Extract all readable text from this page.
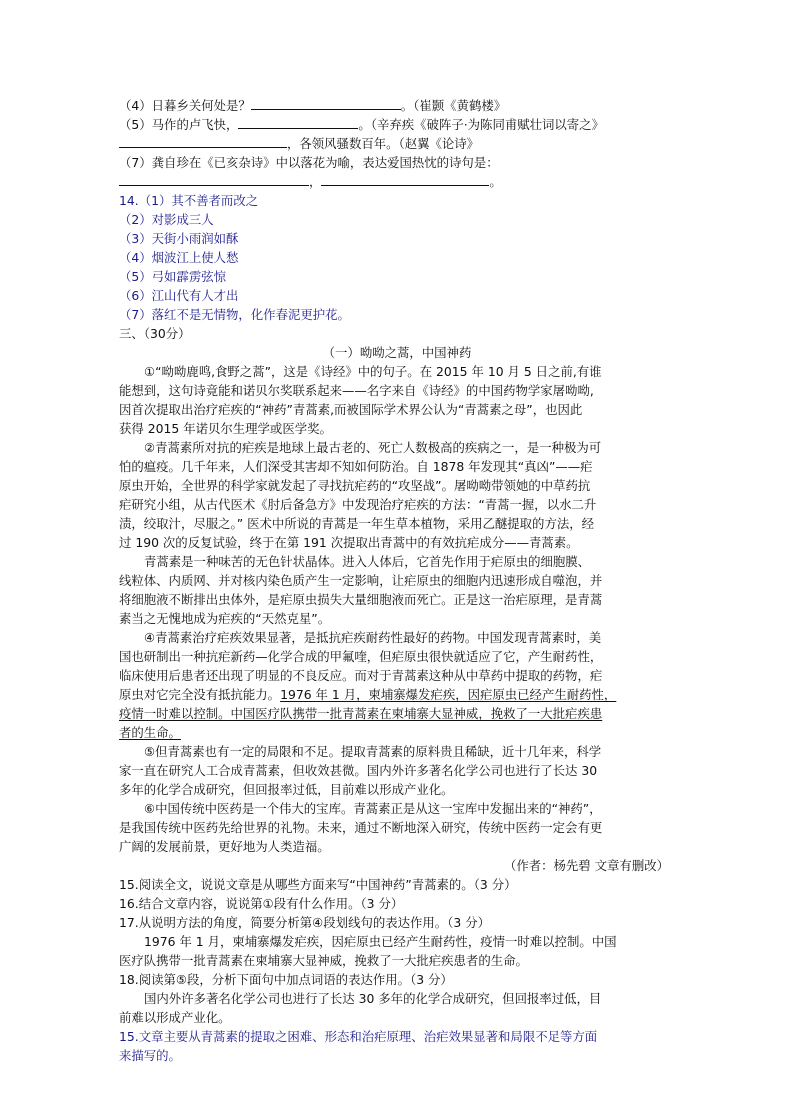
（4）日暮乡关何处是？	。（崔颢《黄鹤楼》
（5）马作的卢飞快，	。（辛弃疾《破阵子·为陈同甫赋壮词以寄之》
，各领风骚数百年。（赵翼《论诗》
（7）龚自珍在《已亥杂诗》中以落花为喻，表达爱国热忱的诗句是：
，	。
14.（1）其不善者而改之
（2）对影成三人
（3）天街小雨润如酥
（4）烟波江上使人愁
（5）弓如霹雳弦惊
（6）江山代有人才出
（7）落红不是无情物，化作春泥更护花。
三、（30分）
（一）呦呦之蒿，中国神药
①“呦呦鹿鸣,食野之蒿”，这是《诗经》中的句子。在 2015 年 10 月 5 日之前,有谁
能想到，这句诗竟能和诺贝尔奖联系起来——名字来自《诗经》的中国药物学家屠呦呦,
因首次提取出治疗疟疾的“神药”青蒿素,而被国际学术界公认为“青蒿素之母”，也因此
获得 2015 年诺贝尔生理学或医学奖。
②青蒿素所对抗的疟疾是地球上最古老的、死亡人数极高的疾病之一，是一种极为可
怕的瘟疫。几千年来，人们深受其害却不知如何防治。自 1878 年发现其“真凶”——疟
原虫开始，全世界的科学家就发起了寻找抗疟药的“攻坚战”。屠呦呦带领她的中草药抗
疟研究小组，从古代医术《肘后备急方》中发现治疗疟疾的方法：“青蒿一握，以水二升
渍，绞取汁，尽服之。” 医术中所说的青蒿是一年生草本植物，采用乙醚提取的方法，经
过 190 次的反复试验，终于在第 191 次提取出青蒿中的有效抗疟成分——青蒿素。
青蒿素是一种味苦的无色针状晶体。进入人体后，它首先作用于疟原虫的细胞膜、
线粒体、内质网、并对核内染色质产生一定影响，让疟原虫的细胞内迅速形成自噬泡，并
将细胞液不断排出虫体外，是疟原虫损失大量细胞液而死亡。正是这一治疟原理，是青蒿
素当之无愧地成为疟疾的“天然克星”。
④青蒿素治疗疟疾效果显著，是抵抗疟疾耐药性最好的药物。中国发现青蒿素时，美
国也研制出一种抗疟新药—化学合成的甲氟喹，但疟原虫很快就适应了它，产生耐药性，
临床使用后患者还出现了明显的不良反应。而对于青蒿素这种从中草药中提取的药物，疟
原虫对它完全没有抵抗能力。1976 年 1 月，柬埔寨爆发疟疾，因疟原虫已经产生耐药性，
疫情一时难以控制。中国医疗队携带一批青蒿素在柬埔寨大显神威，挽救了一大批疟疾患
者的生命。
⑤但青蒿素也有一定的局限和不足。提取青蒿素的原料贵且稀缺，近十几年来，科学
家一直在研究人工合成青蒿素，但收效甚微。国内外许多著名化学公司也进行了长达 30
多年的化学合成研究，但回报率过低，目前难以形成产业化。
⑥中国传统中医药是一个伟大的宝库。青蒿素正是从这一宝库中发掘出来的“神药”，
是我国传统中医药先给世界的礼物。未来，通过不断地深入研究，传统中医药一定会有更
广阔的发展前景，更好地为人类造福。
（作者：杨先碧 文章有删改）
15.阅读全文，说说文章是从哪些方面来写“中国神药”青蒿素的。（3 分）
16.结合文章内容，说说第①段有什么作用。（3 分）
17.从说明方法的角度，简要分析第④段划线句的表达作用。（3 分）
1976 年 1 月，柬埔寨爆发疟疾，因疟原虫已经产生耐药性，疫情一时难以控制。中国
医疗队携带一批青蒿素在柬埔寨大显神威，挽救了一大批疟疾患者的生命。
18.阅读第⑤段，分析下面句中加点词语的表达作用。（3 分）
国内外许多著名化学公司也进行了长达 30 多年的化学合成研究，但回报率过低，目
前难以形成产业化。
15.文章主要从青蒿素的提取之困难、形态和治疟原理、治疟效果显著和局限不足等方面
来描写的。
